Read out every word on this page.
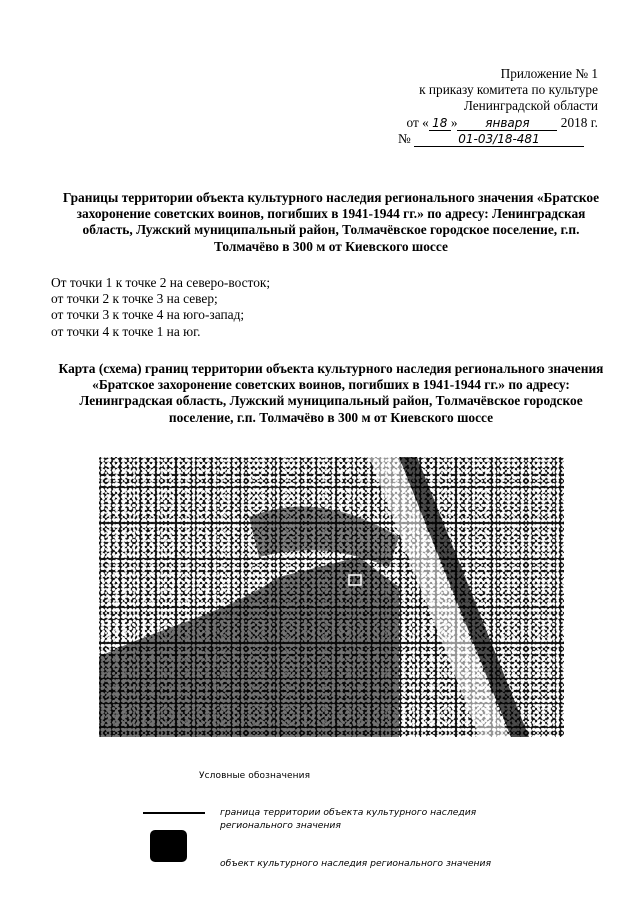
Приложение № 1
к приказу комитета по культуре
Ленинградской области
от « 18 » января 2018 г.
№	01-03/18-481
Границы территории объекта культурного наследия регионального значения «Братское захоронение советских воинов, погибших в 1941-1944 гг.» по адресу: Ленинградская область, Лужский муниципальный район, Толмачёвское городское поселение, г.п. Толмачёво в 300 м от Киевского шоссе
От точки 1 к точке 2 на северо-восток;
от точки 2 к точке 3 на север;
от точки 3 к точке 4 на юго-запад;
от точки 4 к точке 1 на юг.
Карта (схема) границ территории объекта культурного наследия регионального значения «Братское захоронение советских воинов, погибших в 1941-1944 гг.» по адресу: Ленинградская область, Лужский муниципальный район, Толмачёвское городское поселение, г.п. Толмачёво в 300 м от Киевского шоссе
Условные обозначения
граница территории объекта культурного наследия регионального значения
объект культурного наследия регионального значения
